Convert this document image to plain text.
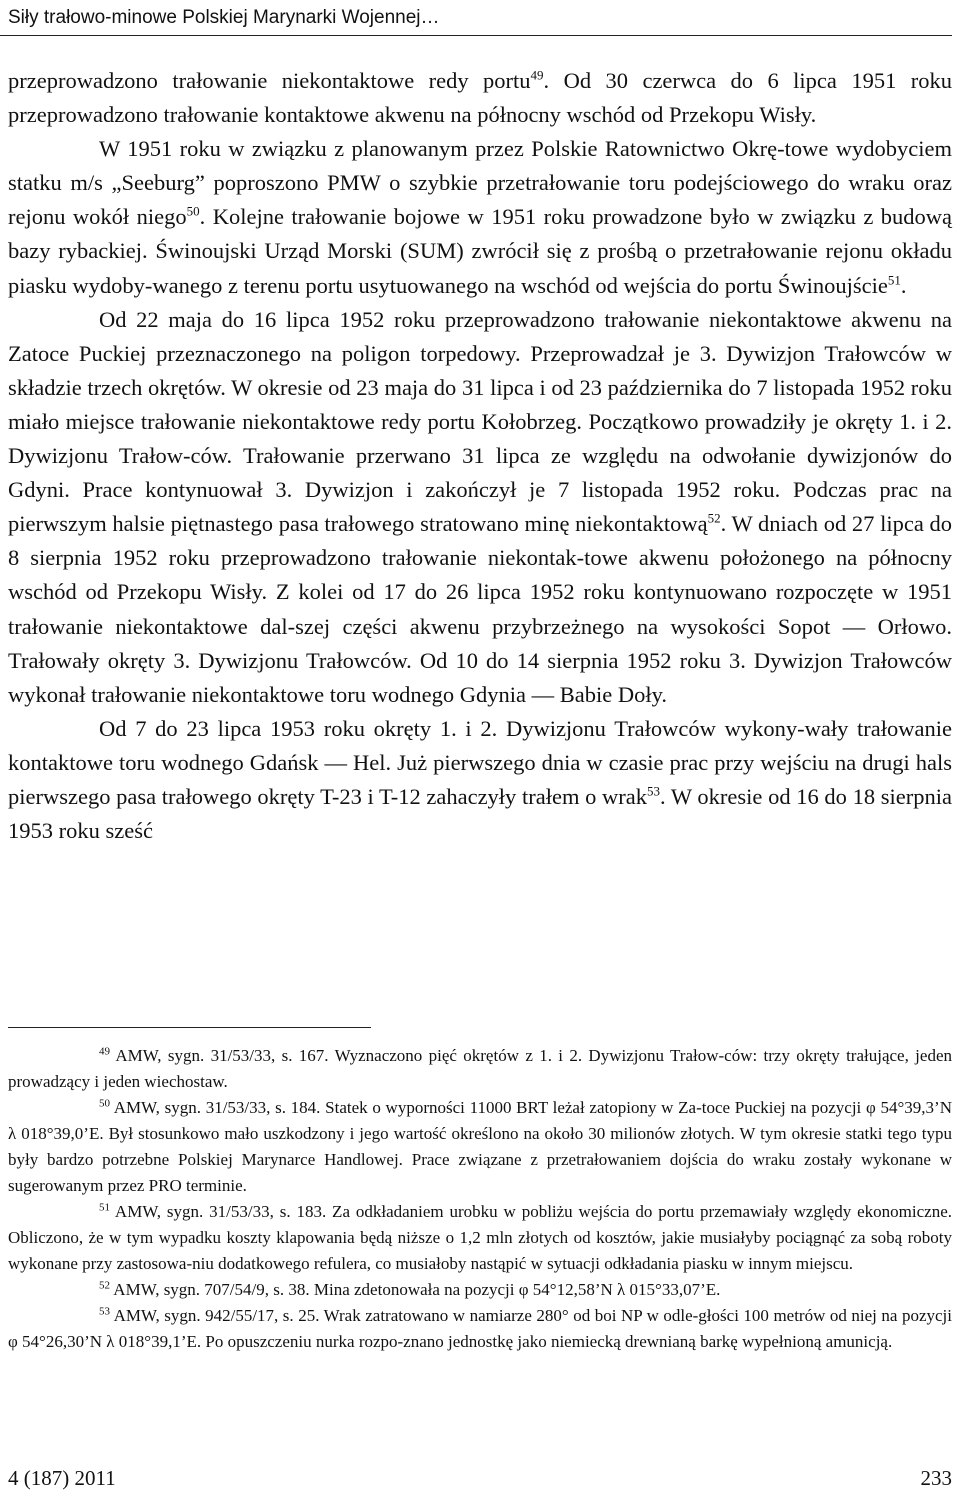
Siły trałowo-minowe Polskiej Marynarki Wojennej…

przeprowadzono trałowanie niekontaktowe redy portu$^{49}$. Od 30 czerwca do 6 lipca 1951 roku przeprowadzono trałowanie kontaktowe akwenu na północny wschód od Przekopu Wisły.

W 1951 roku w związku z planowanym przez Polskie Ratownictwo Okrę-towe wydobyciem statku m/s „Seeburg” poproszono PMW o szybkie przetrałowanie toru podejściowego do wraku oraz rejonu wokół niego$^{50}$. Kolejne trałowanie bojowe w 1951 roku prowadzone było w związku z budową bazy rybackiej. Świnoujski Urząd Morski (SUM) zwrócił się z prośbą o przetrałowanie rejonu okładu piasku wydoby-wanego z terenu portu usytuowanego na wschód od wejścia do portu Świnoujście$^{51}$.

Od 22 maja do 16 lipca 1952 roku przeprowadzono trałowanie niekontaktowe akwenu na Zatoce Puckiej przeznaczonego na poligon torpedowy. Przeprowadzał je 3. Dywizjon Trałowców w składzie trzech okrętów. W okresie od 23 maja do 31 lipca i od 23 października do 7 listopada 1952 roku miało miejsce trałowanie niekontaktowe redy portu Kołobrzeg. Początkowo prowadziły je okręty 1. i 2. Dywizjonu Trałow-ców. Trałowanie przerwano 31 lipca ze względu na odwołanie dywizjonów do Gdyni. Prace kontynuował 3. Dywizjon i zakończył je 7 listopada 1952 roku. Podczas prac na pierwszym halsie piętnastego pasa trałowego stratowano minę niekontaktową$^{52}$. W dniach od 27 lipca do 8 sierpnia 1952 roku przeprowadzono trałowanie niekontak-towe akwenu położonego na północny wschód od Przekopu Wisły. Z kolei od 17 do 26 lipca 1952 roku kontynuowano rozpoczęte w 1951 trałowanie niekontaktowe dal-szej części akwenu przybrzeżnego na wysokości Sopot — Orłowo. Trałowały okręty 3. Dywizjonu Trałowców. Od 10 do 14 sierpnia 1952 roku 3. Dywizjon Trałowców wykonał trałowanie niekontaktowe toru wodnego Gdynia — Babie Doły.

Od 7 do 23 lipca 1953 roku okręty 1. i 2. Dywizjonu Trałowców wykony-wały trałowanie kontaktowe toru wodnego Gdańsk — Hel. Już pierwszego dnia w czasie prac przy wejściu na drugi hals pierwszego pasa trałowego okręty T-23 i T-12 zahaczyły trałem o wrak$^{53}$. W okresie od 16 do 18 sierpnia 1953 roku sześć

$^{49}$ AMW, sygn. 31/53/33, s. 167. Wyznaczono pięć okrętów z 1. i 2. Dywizjonu Trałow-ców: trzy okręty trałujące, jeden prowadzący i jeden wiechostaw.

$^{50}$ AMW, sygn. 31/53/33, s. 184. Statek o wyporności 11000 BRT leżał zatopiony w Za-toce Puckiej na pozycji φ 54°39,3’N λ 018°39,0’E. Był stosunkowo mało uszkodzony i jego wartość określono na około 30 milionów złotych. W tym okresie statki tego typu były bardzo potrzebne Polskiej Marynarce Handlowej. Prace związane z przetrałowaniem dojścia do wraku zostały wykonane w sugerowanym przez PRO terminie.

$^{51}$ AMW, sygn. 31/53/33, s. 183. Za odkładaniem urobku w pobliżu wejścia do portu przemawiały względy ekonomiczne. Obliczono, że w tym wypadku koszty klapowania będą niższe o 1,2 mln złotych od kosztów, jakie musiałyby pociągnąć za sobą roboty wykonane przy zastosowa-niu dodatkowego refulera, co musiałoby nastąpić w sytuacji odkładania piasku w innym miejscu.

$^{52}$ AMW, sygn. 707/54/9, s. 38. Mina zdetonowała na pozycji φ 54°12,58’N λ 015°33,07’E.

$^{53}$ AMW, sygn. 942/55/17, s. 25. Wrak zatratowano w namiarze 280° od boi NP w odle-głości 100 metrów od niej na pozycji φ 54°26,30’N λ 018°39,1’E. Po opuszczeniu nurka rozpo-znano jednostkę jako niemiecką drewnianą barkę wypełnioną amunicją.

4 (187) 2011	233
